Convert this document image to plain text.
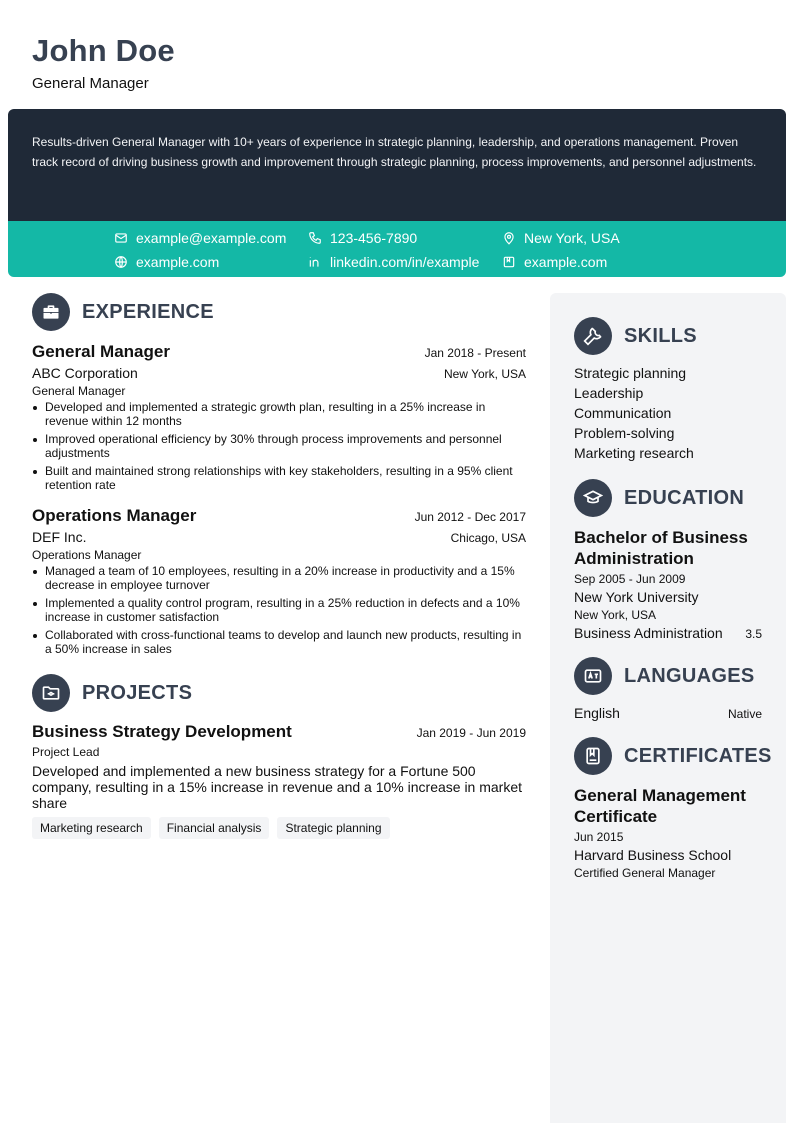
John Doe
General Manager
Results-driven General Manager with 10+ years of experience in strategic planning, leadership, and operations management. Proven track record of driving business growth and improvement through strategic planning, process improvements, and personnel adjustments.
example@example.com	123-456-7890	New York, USA
example.com	linkedin.com/in/example	example.com
EXPERIENCE
General Manager	Jan 2018 - Present
ABC Corporation	New York, USA
General Manager
Developed and implemented a strategic growth plan, resulting in a 25% increase in revenue within 12 months
Improved operational efficiency by 30% through process improvements and personnel adjustments
Built and maintained strong relationships with key stakeholders, resulting in a 95% client retention rate
Operations Manager	Jun 2012 - Dec 2017
DEF Inc.	Chicago, USA
Operations Manager
Managed a team of 10 employees, resulting in a 20% increase in productivity and a 15% decrease in employee turnover
Implemented a quality control program, resulting in a 25% reduction in defects and a 10% increase in customer satisfaction
Collaborated with cross-functional teams to develop and launch new products, resulting in a 50% increase in sales
PROJECTS
Business Strategy Development	Jan 2019 - Jun 2019
Project Lead
Developed and implemented a new business strategy for a Fortune 500 company, resulting in a 15% increase in revenue and a 10% increase in market share
Marketing research	Financial analysis	Strategic planning
SKILLS
Strategic planning
Leadership
Communication
Problem-solving
Marketing research
EDUCATION
Bachelor of Business Administration
Sep 2005 - Jun 2009
New York University
New York, USA
Business Administration 3.5
LANGUAGES
English	Native
CERTIFICATES
General Management Certificate
Jun 2015
Harvard Business School
Certified General Manager
